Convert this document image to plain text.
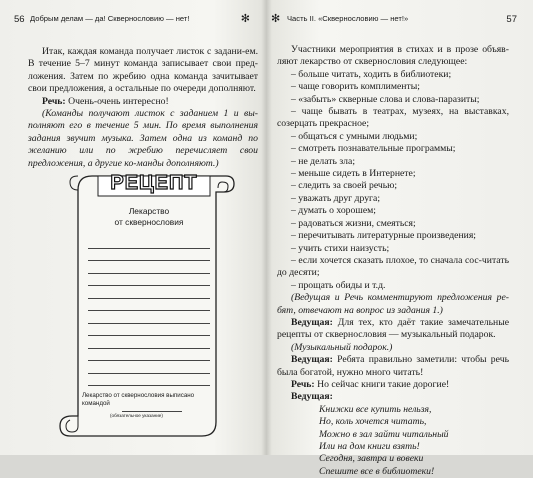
56 Добрым делам — да! Сквернословию — нет!	✻

Итак, каждая команда получает листок с задани-ем. В течение 5–7 минут команда записывает свои пред-ложения. Затем по жребию одна команда зачитывает свои предложения, а остальные по очереди дополняют.

Речь: Очень-очень интересно!

(Команды получают листок с заданием 1 и вы-полняют его в течение 5 мин. По время выполнения задания звучит музыка. Затем одна из команд по желанию или по жребию перечисляет свои предложения, а другие ко-манды дополняют.)

РЕЦЕПТ
Лекарство
от сквернословия
Лекарство от сквернословия выписано
командой
(обязательное указание)
✻ Часть II. «Сквернословию — нет!»	57

Участники мероприятия в стихах и в прозе объяв-ляют лекарство от сквернословия следующее:

– больше читать, ходить в библиотеки;

– чаще говорить комплименты;

– «забыть» скверные слова и слова-паразиты;

– чаще бывать в театрах, музеях, на выставках, созерцать прекрасное;

– общаться с умными людьми;

– смотреть познавательные программы;

– не делать зла;

– меньше сидеть в Интернете;

– следить за своей речью;

– уважать друг друга;

– думать о хорошем;

– радоваться жизни, смеяться;

– перечитывать литературные произведения;

– учить стихи наизусть;

– если хочется сказать плохое, то сначала сос-читать до десяти;

– прощать обиды и т.д.

(Ведущая и Речь комментируют предложения ре-бят, отвечают на вопрос из задания 1.)

Ведущая: Для тех, кто даёт такие замечательные рецепты от сквернословия — музыкальный подарок.

(Музыкальный подарок.)

Ведущая: Ребята правильно заметили: чтобы речь была богатой, нужно много читать!

Речь: Но сейчас книги такие дорогие!

Ведущая:

Книжки все купить нельзя,

Но, коль хочется читать,

Можно в зал зайти читальный

Или на дом книги взять!

Сегодня, завтра и вовеки

Спешите все в библиотеки!
